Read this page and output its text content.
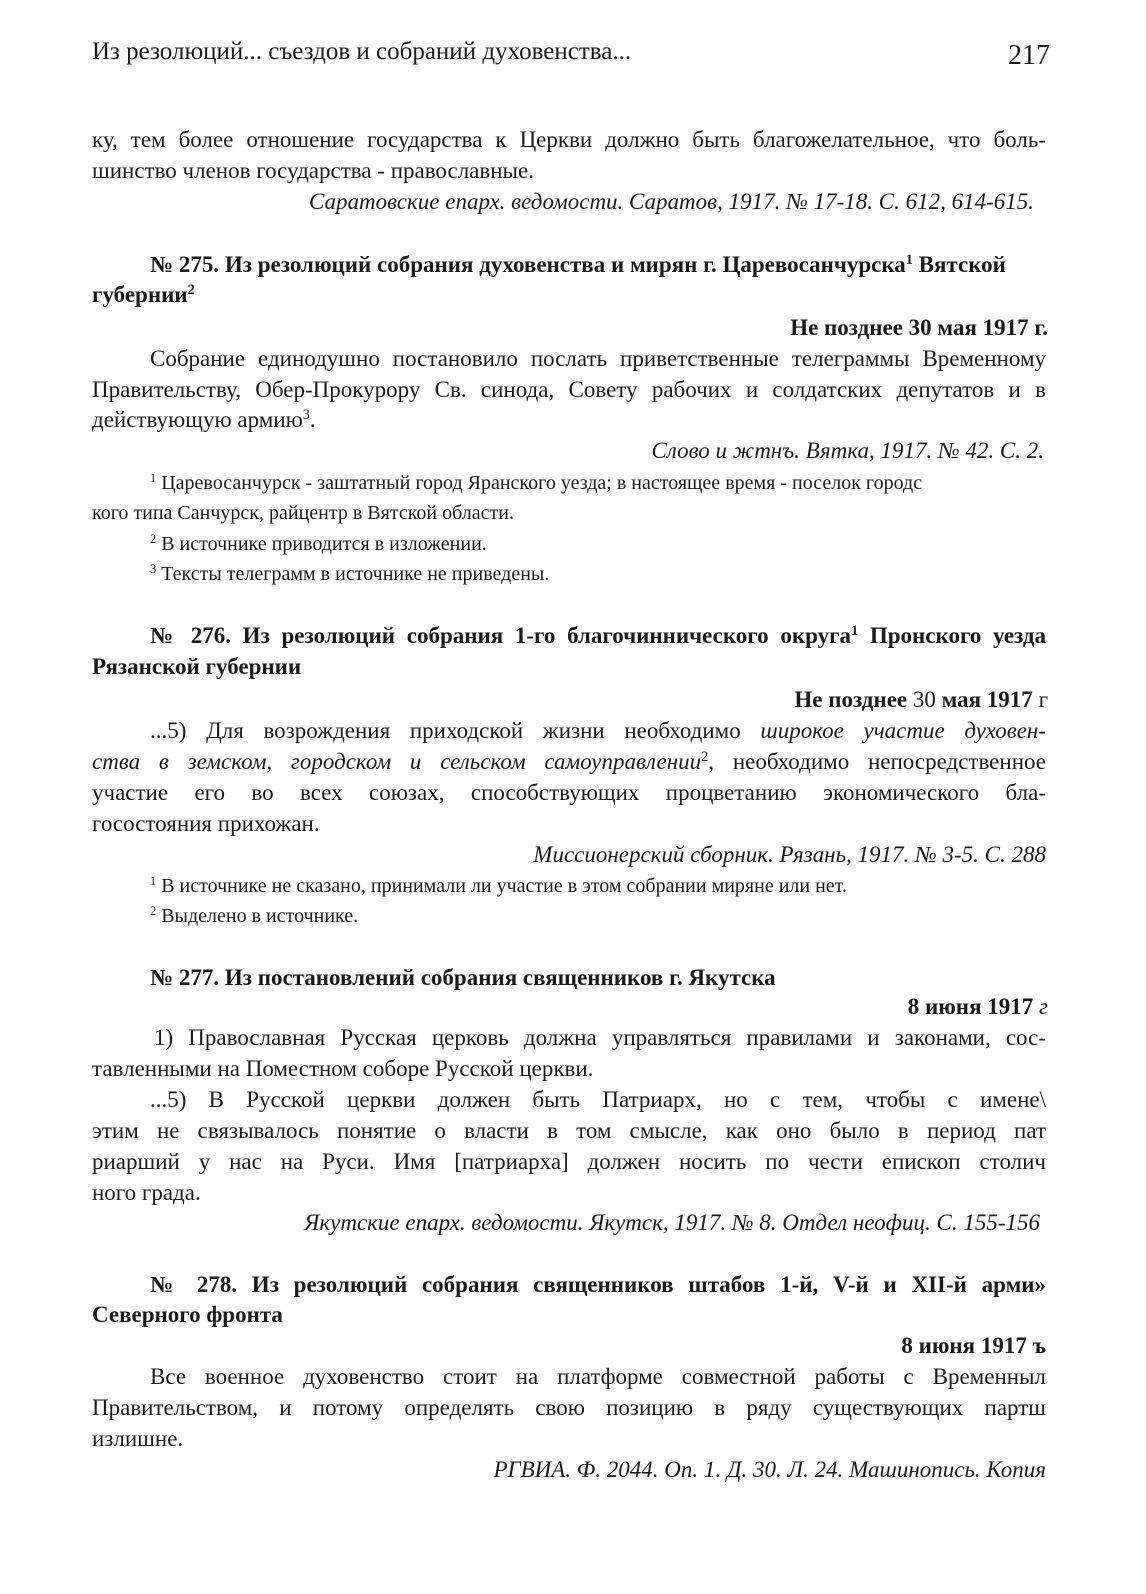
Из резолюций... съездов и собраний духовенства...	217
ку, тем более отношение государства к Церкви должно быть благожелательное, что боль-
шинство членов государства - православные.
Саратовские епарх. ведомости. Саратов, 1917. № 17-18. С. 612, 614-615.
№ 275. Из резолюций собрания духовенства и мирян г. Царевосанчурска$^1$ Вятской
губернии$^2$
Не позднее 30 мая 1917 г.
Собрание единодушно постановило послать приветственные телеграммы Временному
Правительству, Обер-Прокурору Св. синода, Совету рабочих и солдатских депутатов и в
действующую армию$^3$.
Слово и жтнъ. Вятка, 1917. № 42. С. 2.
$^1$ Царевосанчурск - заштатный город Яранского уезда; в настоящее время - поселок городс
кого типа Санчурск, райцентр в Вятской области.
$^2$ В источнике приводится в изложении.
$^3$ Тексты телеграмм в источнике не приведены.
№ 276. Из резолюций собрания 1-го благочиннического округа$^1$ Пронского уезда
Рязанской губернии
Не позднее 30 мая 1917 г
...5) Для возрождения приходской жизни необходимо широкое участие духовен-
ства в земском, городском и сельском самоуправлении$^2$, необходимо непосредственное
участие его во всех союзах, способствующих процветанию экономического бла-
госостояния прихожан.
Миссионерский сборник. Рязань, 1917. № 3-5. С. 288
$^1$ В источнике не сказано, принимали ли участие в этом собрании миряне или нет.
$^2$ Выделено в источнике.
№ 277. Из постановлений собрания священников г. Якутска
8 июня 1917 г
1) Православная Русская церковь должна управляться правилами и законами, сос-
тавленными на Поместном соборе Русской церкви.
...5) В Русской церкви должен быть Патриарх, но с тем, чтобы с имене\
этим не связывалось понятие о власти в том смысле, как оно было в период пат
риарший у нас на Руси. Имя [патриарха] должен носить по чести епископ столич
ного града.
Якутские епарх. ведомости. Якутск, 1917. № 8. Отдел неофиц. С. 155-156
№ 278. Из резолюций собрания священников штабов 1-й, V-й и XII-й арми»
Северного фронта
8 июня 1917 ъ
Все военное духовенство стоит на платформе совместной работы с Временныл
Правительством, и потому определять свою позицию в ряду существующих партш
излишне.
РГВИА. Ф. 2044. Оп. 1. Д. 30. Л. 24. Машинопись. Копия
